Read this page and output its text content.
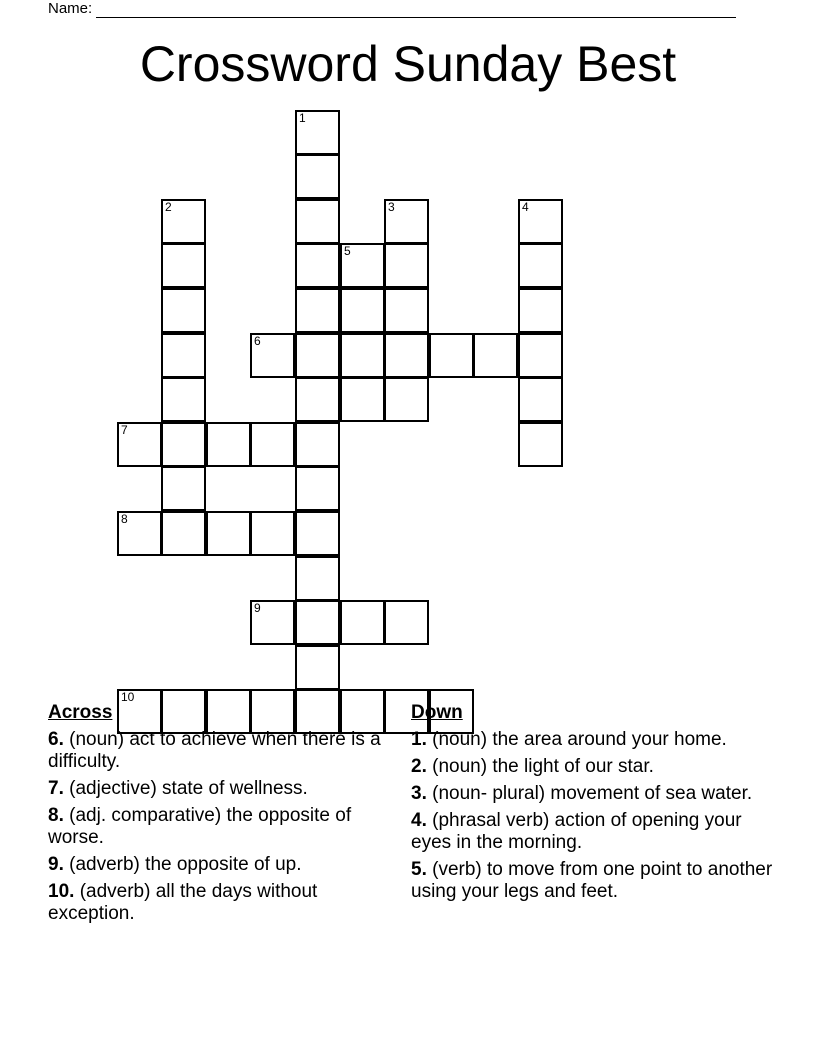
Name:
Crossword Sunday Best
1
2	3	4
5
6
7
8
9
10
Across
6. (noun) act to achieve when there is a difficulty.
7. (adjective) state of wellness.
8. (adj. comparative) the opposite of worse.
9. (adverb) the opposite of up.
10. (adverb) all the days without exception.
Down
1. (noun) the area around your home.
2. (noun) the light of our star.
3. (noun- plural) movement of sea water.
4. (phrasal verb) action of opening your eyes in the morning.
5. (verb) to move from one point to another using your legs and feet.
